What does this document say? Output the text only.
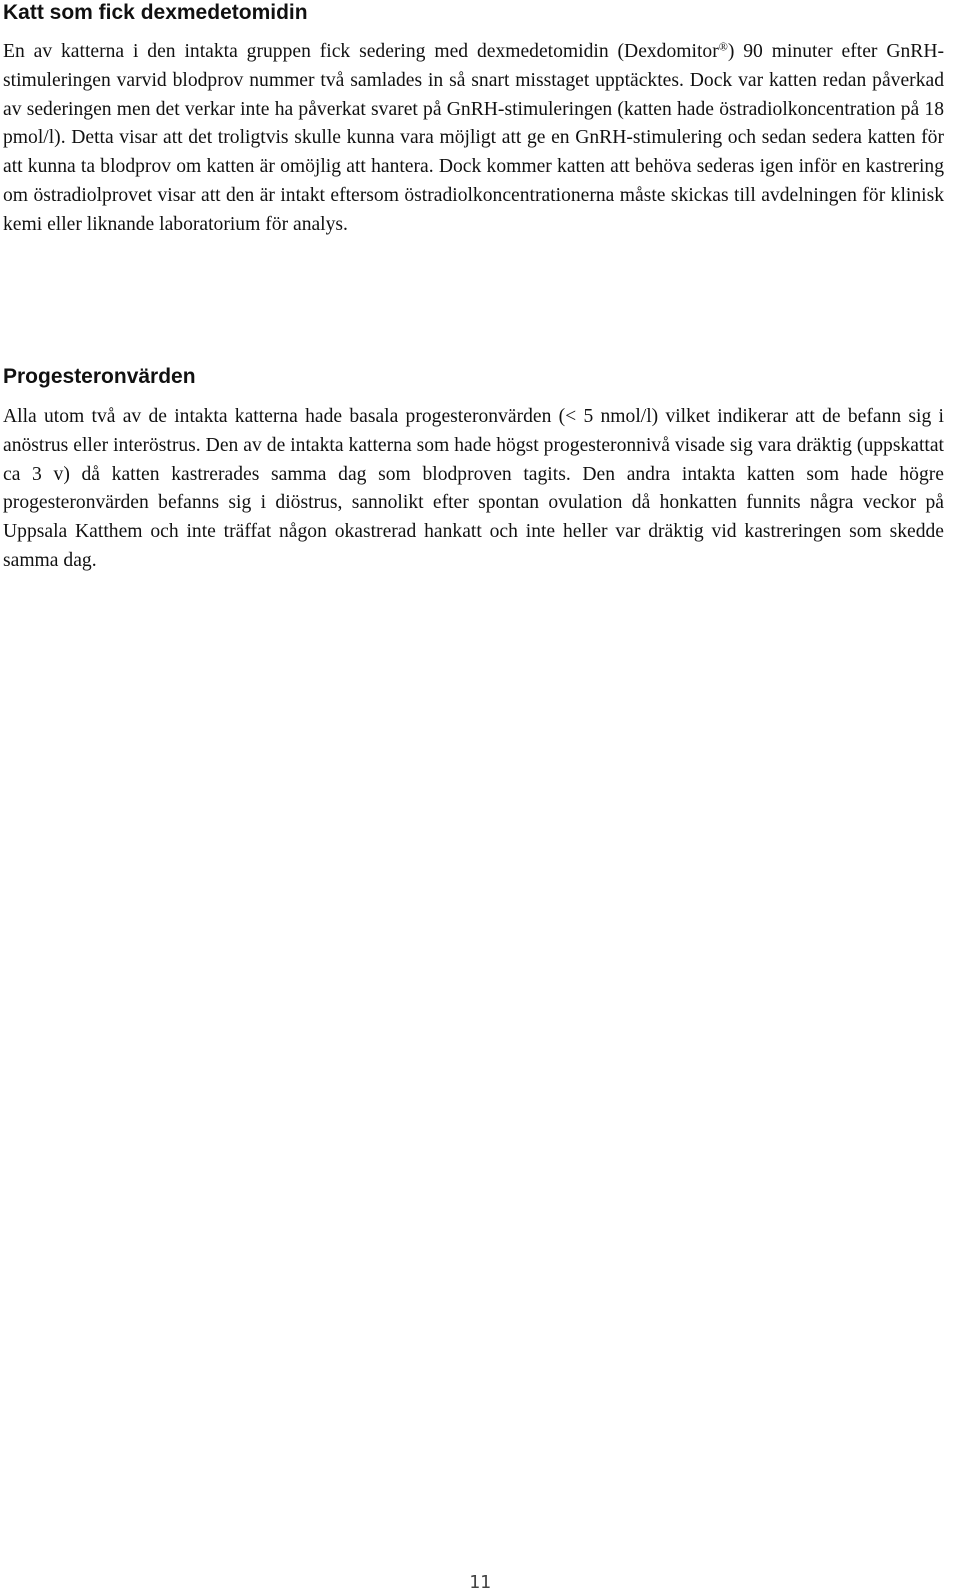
Katt som fick dexmedetomidin

En av katterna i den intakta gruppen fick sedering med dexmedetomidin (Dexdomitor®) 90 minuter efter GnRH-stimuleringen varvid blodprov nummer två samlades in så snart misstaget upptäcktes. Dock var katten redan påverkad av sederingen men det verkar inte ha påverkat svaret på GnRH-stimuleringen (katten hade östradiolkoncentration på 18 pmol/l). Detta visar att det troligtvis skulle kunna vara möjligt att ge en GnRH-stimulering och sedan sedera katten för att kunna ta blodprov om katten är omöjlig att hantera. Dock kommer katten att behöva sederas igen inför en kastrering om östradiolprovet visar att den är intakt eftersom östradiolkoncentrationerna måste skickas till avdelningen för klinisk kemi eller liknande laboratorium för analys.

Progesteronvärden

Alla utom två av de intakta katterna hade basala progesteronvärden (< 5 nmol/l) vilket indikerar att de befann sig i anöstrus eller interöstrus. Den av de intakta katterna som hade högst progesteronnivå visade sig vara dräktig (uppskattat ca 3 v) då katten kastrerades samma dag som blodproven tagits. Den andra intakta katten som hade högre progesteronvärden befanns sig i diöstrus, sannolikt efter spontan ovulation då honkatten funnits några veckor på Uppsala Katthem och inte träffat någon okastrerad hankatt och inte heller var dräktig vid kastreringen som skedde samma dag.

11
